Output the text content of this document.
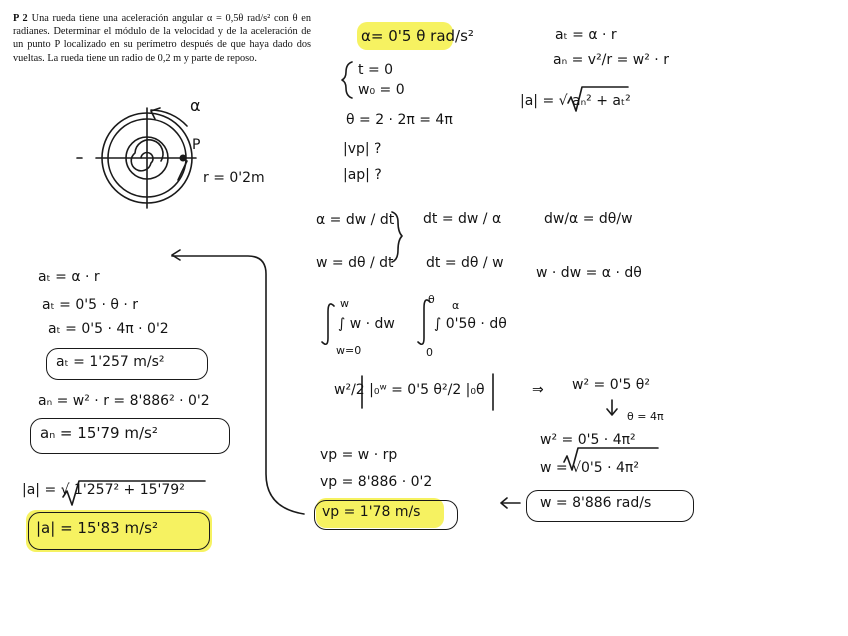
P 2 Una rueda tiene una aceleración angular α = 0,5θ rad/s² con θ en radianes. Determinar el módulo de la velocidad y de la aceleración de un punto P localizado en su perímetro después de que haya dado dos vueltas. La rueda tiene un radio de 0,2 m y parte de reposo.
α
P
r = 0'2m
α= 0'5 θ rad/s²	aₜ = α · r
aₙ = v²/r = w² · r
|a| = √ aₙ² + aₜ²
t = 0
w₀ = 0
θ = 2 · 2π = 4π
|vp| ?
|ap| ?
α = dw / dt
w = dθ / dt
dt = dw / α
dt = dθ / w
dw/α = dθ/w
w · dw = α · dθ
w
∫ w · dw
w=0
θ α
∫ 0'5θ · dθ
0
w²/2 |₀ʷ = 0'5 θ²/2 |₀θ	⇒ w² = 0'5 θ²
θ = 4π
w² = 0'5 · 4π²
w = √0'5 · 4π²
w = 8'886 rad/s
vp = w · rp
vp = 8'886 · 0'2
vp = 1'78 m/s
aₜ = α · r
aₜ = 0'5 · θ · r
aₜ = 0'5 · 4π · 0'2
aₜ = 1'257 m/s²
aₙ = w² · r = 8'886² · 0'2
aₙ = 15'79 m/s²
|a| = √ 1'257² + 15'79²
|a| = 15'83 m/s²
